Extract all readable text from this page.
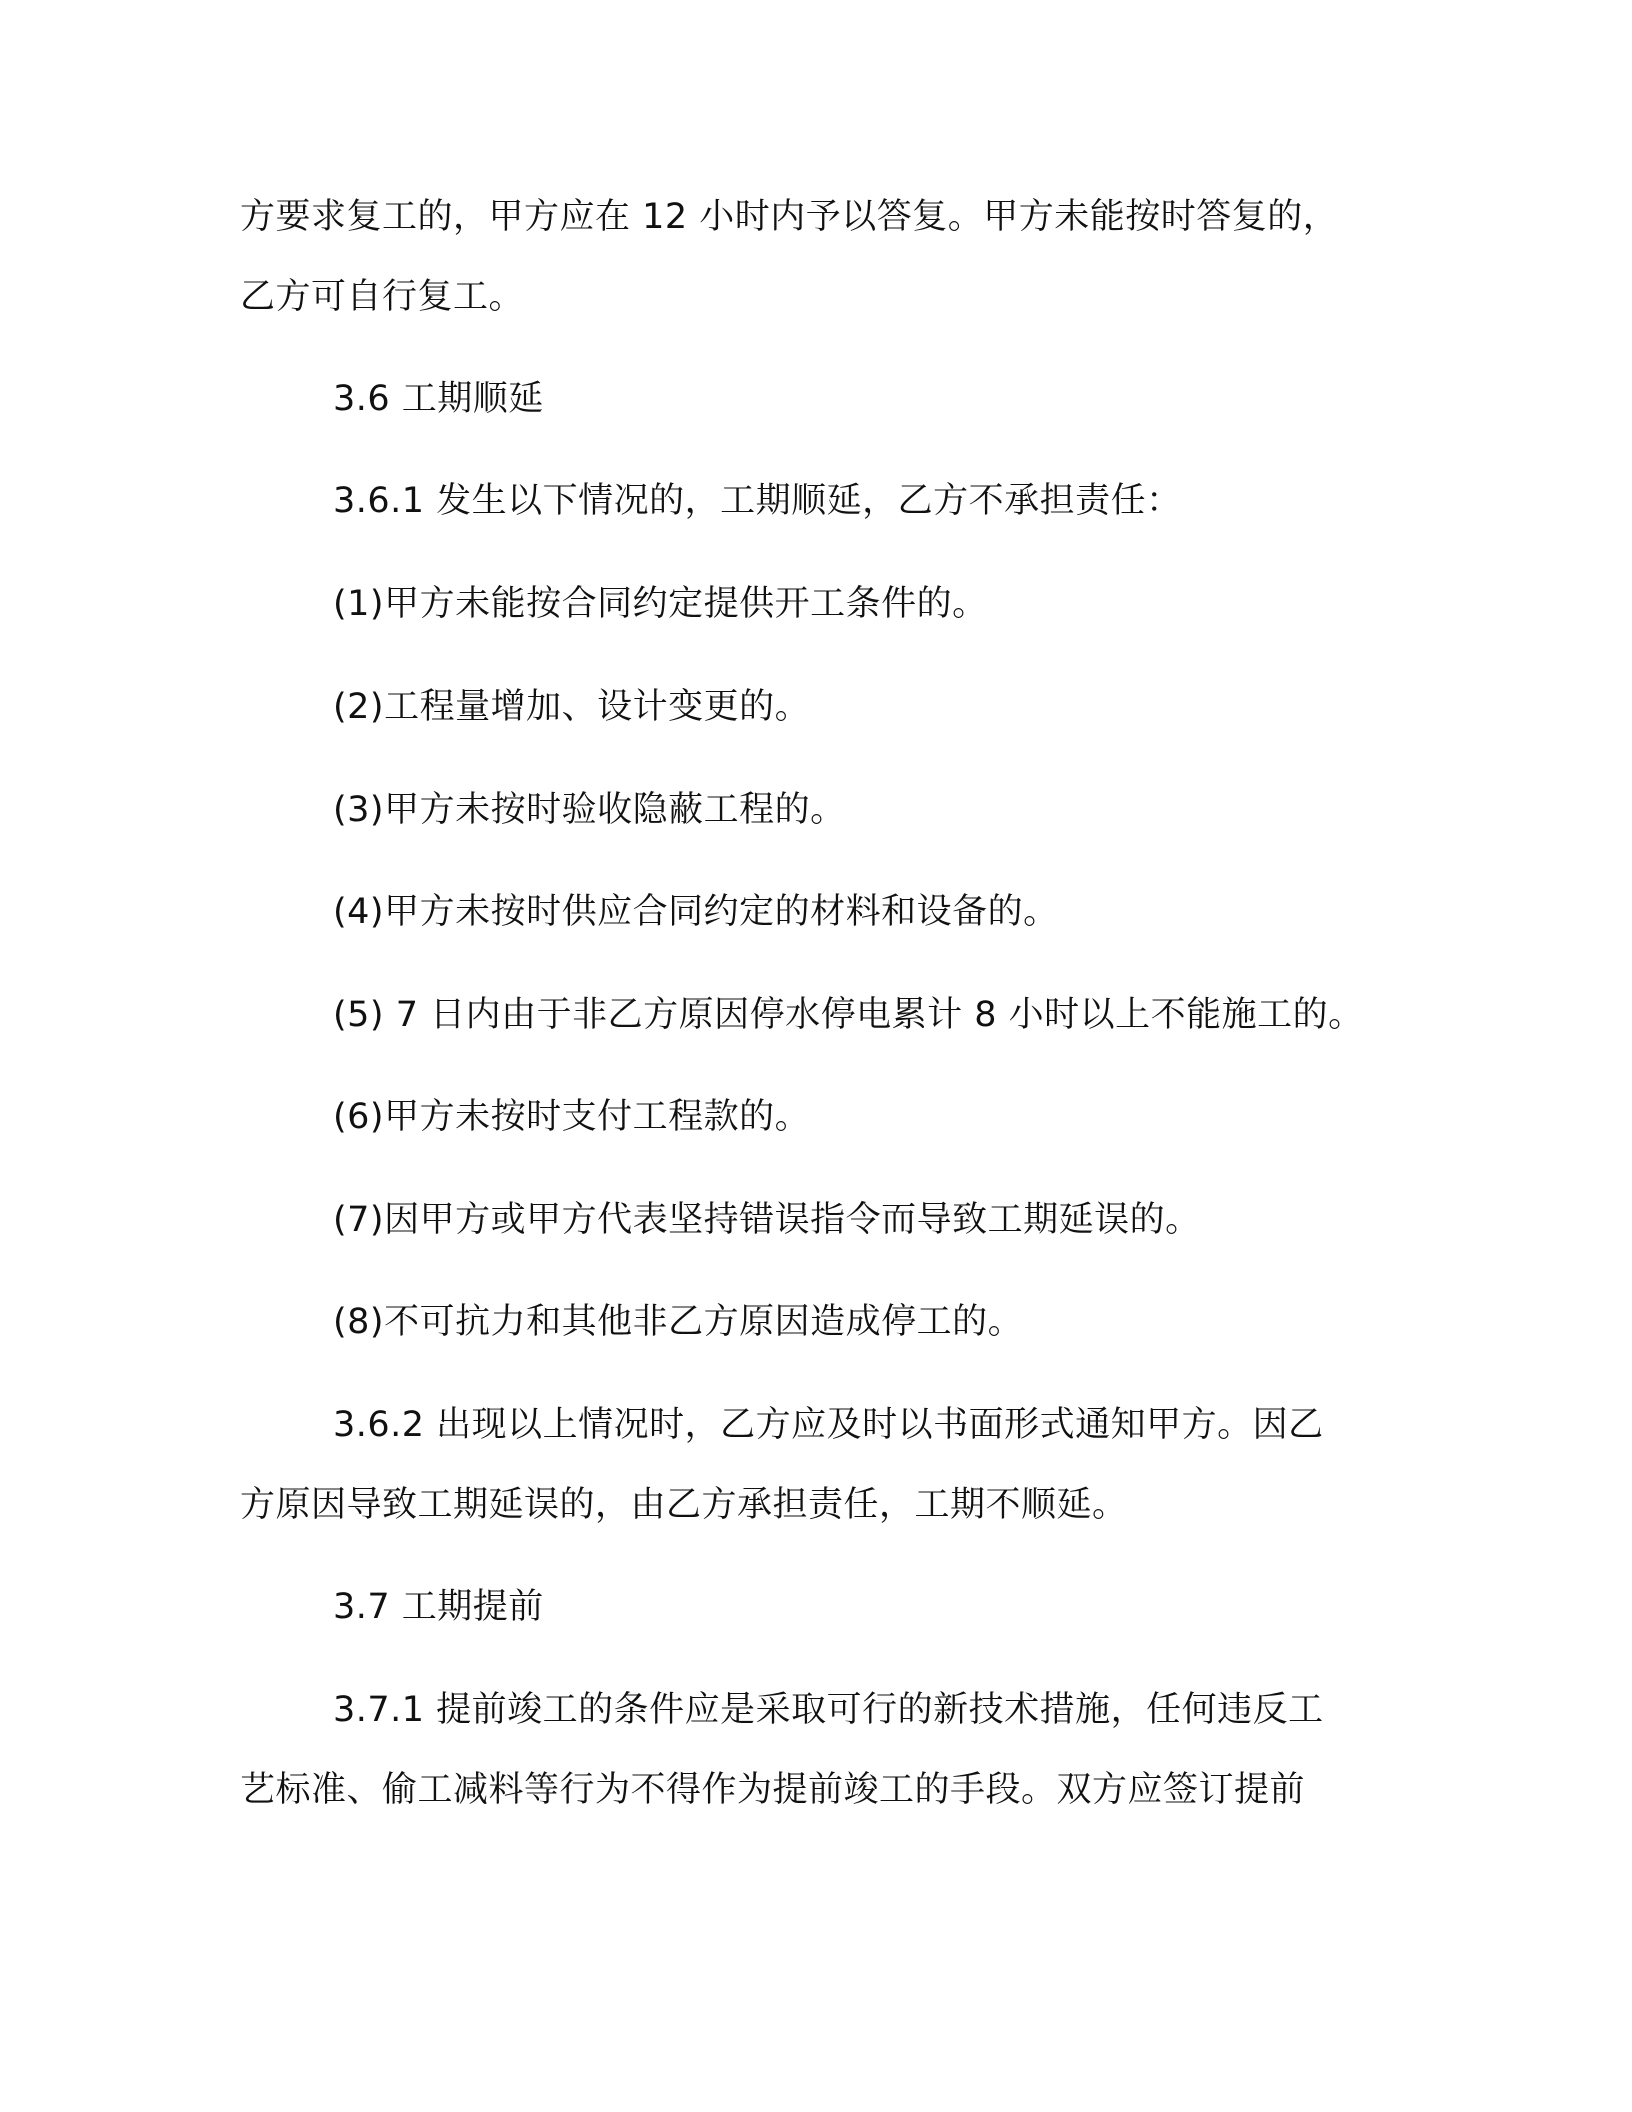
方要求复工的，甲方应在 12 小时内予以答复。甲方未能按时答复的，
乙方可自行复工。
3.6 工期顺延
3.6.1 发生以下情况的，工期顺延，乙方不承担责任：
(1)甲方未能按合同约定提供开工条件的。
(2)工程量增加、设计变更的。
(3)甲方未按时验收隐蔽工程的。
(4)甲方未按时供应合同约定的材料和设备的。
(5) 7 日内由于非乙方原因停水停电累计 8 小时以上不能施工的。
(6)甲方未按时支付工程款的。
(7)因甲方或甲方代表坚持错误指令而导致工期延误的。
(8)不可抗力和其他非乙方原因造成停工的。
3.6.2 出现以上情况时，乙方应及时以书面形式通知甲方。因乙
方原因导致工期延误的，由乙方承担责任，工期不顺延。
3.7 工期提前
3.7.1 提前竣工的条件应是采取可行的新技术措施，任何违反工
艺标准、偷工减料等行为不得作为提前竣工的手段。双方应签订提前
